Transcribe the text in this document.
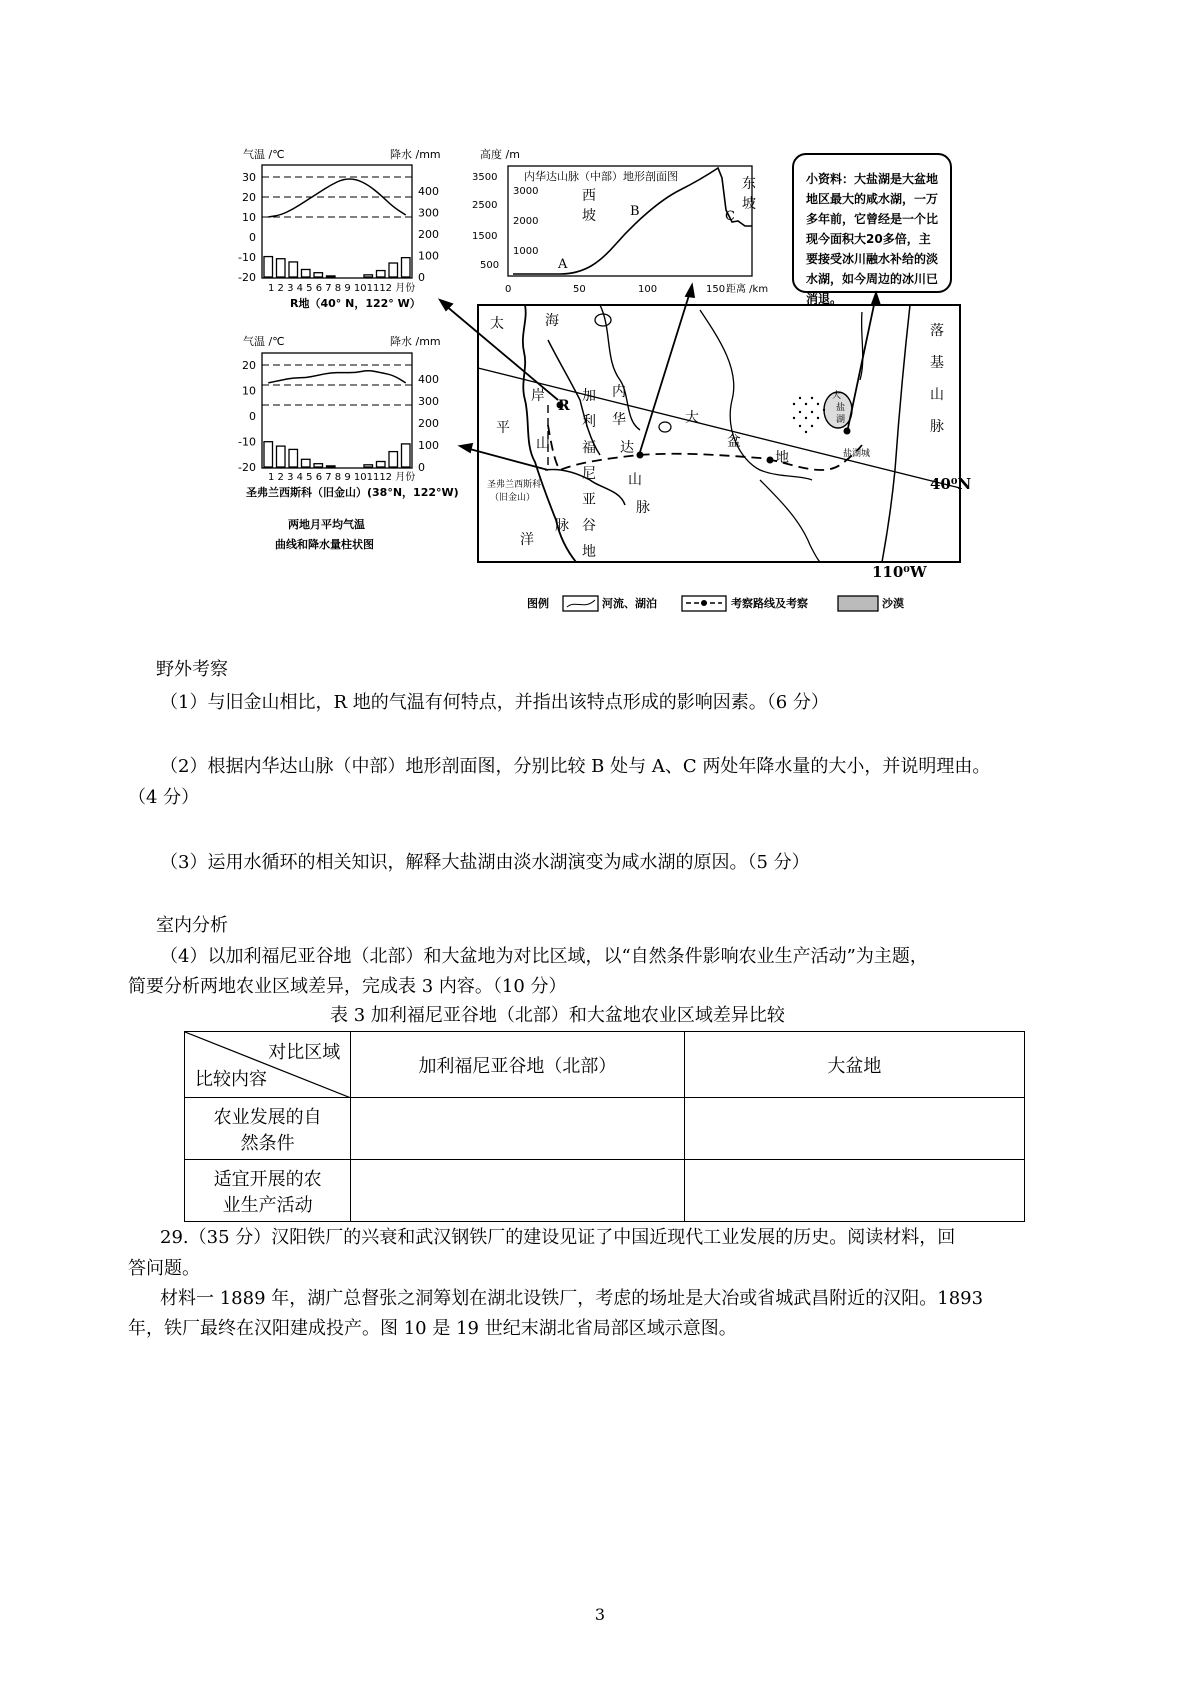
气温 /℃	降水 /mm
30
20
10
0
-10
-20
400
300
200
100
0
1 2 3 4 5 6 7 8 9 101112 月份
R地（40° N，122° W）
气温 /℃	降水 /mm
20
10
0
-10
-20
400
300
200
100
0
1 2 3 4 5 6 7 8 9 101112 月份
圣弗兰西斯科（旧金山）(38°N，122°W)
两地月平均气温
曲线和降水量柱状图
高度 /m
内华达山脉（中部）地形剖面图
3500
2500
1500
500
3000
2000
1000
0	50	100	150 距离 /km
西
坡
东
坡
A
B	C
R
盐湖城
圣弗兰西斯科
（旧金山）
40⁰N
110⁰W
太
平
洋
海
岸
山
脉
加
利
福
尼
亚
谷
地
内
华
达
山
脉
大
盆
地
落
基
山
脉
大
盐
湖
图例	河流、湖泊	考察路线及考察	沙漠
小资料：大盐湖是大盆地地区最大的咸水湖，一万多年前，它曾经是一个比现今面积大20多倍，主要接受冰川融水补给的淡水湖，如今周边的冰川已消退。
野外考察
（1）与旧金山相比，R 地的气温有何特点，并指出该特点形成的影响因素。（6 分）
（2）根据内华达山脉（中部）地形剖面图，分别比较 B 处与 A、C 两处年降水量的大小，并说明理由。
（4 分）
（3）运用水循环的相关知识，解释大盐湖由淡水湖演变为咸水湖的原因。（5 分）
室内分析
（4）以加利福尼亚谷地（北部）和大盆地为对比区域，以“自然条件影响农业生产活动”为主题，
简要分析两地农业区域差异，完成表 3 内容。（10 分）
表 3 加利福尼亚谷地（北部）和大盆地农业区域差异比较
对比区域
比较内容	加利福尼亚谷地（北部）	大盆地

农业发展的自
然条件		

适宜开展的农
业生产活动		

29.（35 分）汉阳铁厂的兴衰和武汉钢铁厂的建设见证了中国近现代工业发展的历史。阅读材料，回
答问题。
材料一 1889 年，湖广总督张之洞筹划在湖北设铁厂，考虑的场址是大冶或省城武昌附近的汉阳。1893
年，铁厂最终在汉阳建成投产。图 10 是 19 世纪末湖北省局部区域示意图。
3
